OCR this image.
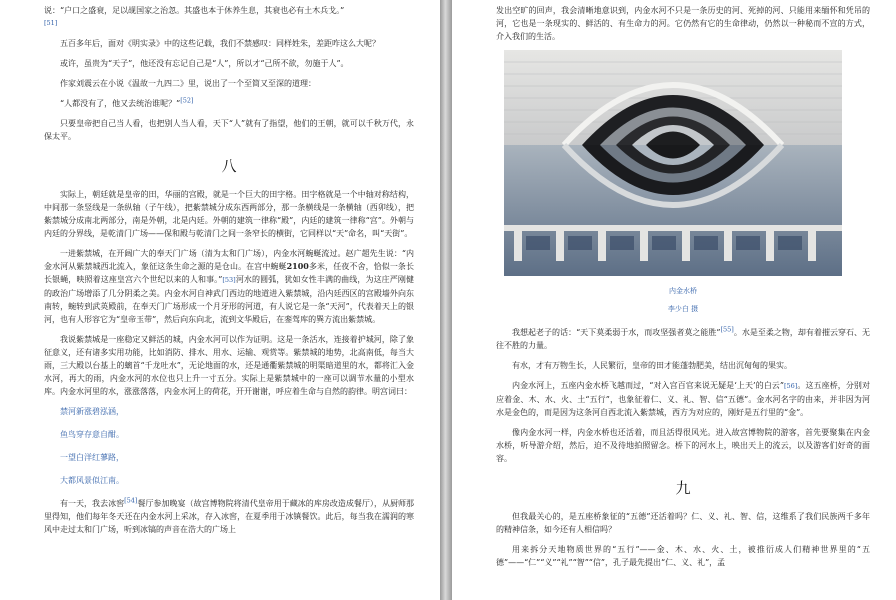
说：“户口之盛衰，足以觇国家之治忽。其盛也本于休养生息，其衰也必有土木兵戈。”
[51]

五百多年后，面对《明实录》中的这些记载，我们不禁感叹：同样姓朱，差距咋这么大呢？

或许，虽贵为“天子”，他还没有忘记自己是“人”，所以才“己所不欲，勿施于人”。

作家刘震云在小说《温故一九四二》里，说出了一个至简又至深的道理：

“人都没有了，他又去统治谁呢？”[52]

只要皇帝把自己当人看，也把别人当人看，天下“人”就有了指望，他们的王朝，就可以千秋万代，永保太平。

八

实际上，朝廷就是皇帝的田，华丽的宫殿，就是一个巨大的田字格。田字格就是一个中轴对称结构，中间那一条竖线是一条纵轴（子午线），把紫禁城分成东西两部分，那一条横线是一条横轴（西卯线），把紫禁城分成南北两部分，南是外朝，北是内廷。外朝的建筑一律称“殿”，内廷的建筑一律称“宫”。外朝与内廷的分界线，是乾清门广场——保和殿与乾清门之间一条窄长的横街，它同样以“天”命名，叫“天街”。

一进紫禁城，在开阔广大的奉天门广场（清为太和门广场），内金水河蜿蜒流过。赵广超先生说：“内金水河从紫禁城西北流入，象征这条生命之源的是仓山。在宫中蜿蜒2100多米，任夜不舍，恰似一条长长银蝇，映照着这座皇宫六个世纪以来的人和事。”[53]河水的圆弧，犹如女性丰满的曲线，为这庄严刚健的政治广场增添了几分阴柔之美。内金水河自神武门西边的地道进入紫禁城，沿内廷西区的宫殿墙外向东南转，蜿转到武英殿前，在奉天门广场形成一个月牙形的河道，有人说它是一条“天河”，代表着天上的银河，也有人形容它为“皇帝玉带”，然后向东向北，流到文华殿后，在銮驾库的巽方流出紫禁城。

我说紫禁城是一座稳定又鲜活的城，内金水河可以作为证明。这是一条活水，连接着护城河，除了象征意义，还有诸多实用功能，比如消防、排水、用水、运输、观赏等。紫禁城的地势，北高南低，每当大雨，三大殿以台基上的螭首“千龙吐水”，无论地面的水，还是通衢紫禁城的明渠暗道里的水，都将汇入金水河，再大的雨，内金水河的水位也只上升一寸五分。实际上是紫禁城中的一座可以调节水量的小型水库。内金水河里的水，涨涨落落，内金水河上的荷花，开开谢谢，呼应着生命与自然的韵律。明宫词曰：

禁河新涨碧泓涵，
鱼鸟穿存意自酣。
一望白洋红蓼路，
大都风景似江南。

有一天，我去冰窖[54]餐厅参加晚宴（故宫博物院将清代皇帝用于藏冰的库房改造成餐厅），从厨师那里得知，他们每年冬天还在内金水河上采冰，存入冰窖，在夏季用于冰镇餐饮。此后，每当我在濡润的寒风中走过太和门广场，听到冰镐的声音在浩大的广场上

发出空旷的回声，我会清晰地意识到，内金水河不只是一条历史的河、死掉的河、只能用来缅怀和凭吊的河，它也是一条现实的、鲜活的、有生命力的河。它仍然有它的生命律动，仍然以一种秘而不宣的方式，介入我们的生活。

内金水桥
李少白 摄

我想起老子的话：“天下莫柔弱于水，而攻坚强者莫之能胜”[55]。水是至柔之物，却有着摧云穿石、无往不胜的力量。

有水，才有万物生长，人民繁衍，皇帝的田才能蓬勃肥美，结出沉甸甸的果实。

内金水河上，五座内金水桥飞越而过，“对入宫百官来说无疑是‘上天’的白云”[56]。这五座桥，分别对应着金、木、水、火、土“五行”，也象征着仁、义、礼、智、信“五德”。金水河名字的由来，并非因为河水是金色的，而是因为这条河自西北流入紫禁城，西方为对应的，刚好是五行里的“金”。

像内金水河一样，内金水桥也还活着，而且活得很风光。进入故宫博物院的游客，首先要聚集在内金水桥，听导游介绍，然后，迫不及待地拍照留念。桥下的河水上，映出天上的流云，以及游客们好奇的面容。

九

但我最关心的，是五座桥象征的“五德”还活着吗？仁、义、礼、智、信，这维系了我们民族两千多年的精神信条，如今还有人相信吗？

用来拆分天地物质世界的“五行”——金、木、水、火、土，被推衍成人们精神世界里的“五德”——“仁”“义”“礼”“智”“信”，孔子最先提出“仁、义、礼”，孟
